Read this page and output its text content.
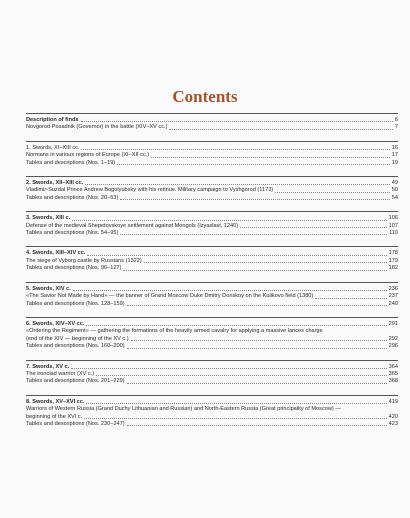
Contents
Description of finds	6
Novgorod Posadnik (Governor) in the battle (XIV–XV cc.)	7
1. Swords, XI–XIII cc.	16
Normans in various regions of Europe (XI–XII cc.)	17
Tables and descriptions (Nos. 1–19)	19
2. Swords, XII–XIII cc.	49
Vladimir-Suzdal Prince Andrew Bogolyubsky with his retinue. Military campaign to Vyshgorod (1173)	50
Tables and descriptions (Nos. 20–53)	54
3. Swords, XIII c.	106
Defense of the medieval Shepetovskoye settlement against Mongols (Izyaslavl, 1240)	107
Tables and descriptions (Nos. 54–95)	110
4. Swords, XIII–XIV cc.	178
The siege of Vyborg castle by Russians (1322)	179
Tables and descriptions (Nos. 96–127)	182
5. Swords, XIV c.	236
«The Savior Not Made by Hand» — the banner of Grand Moscow Duke Dmitry Donskoy on the Kulikovo field (1380)	237
Tables and descriptions (Nos. 128–159)	240
6. Swords, XIV–XV cc.	291
«Ordering the Regiment» — gathering the formations of the heavily armed cavalry for applying a massive lances charge
(end of the XIV — beginning of the XV c.)	292
Tables and descriptions (Nos. 160–200)	296
7. Swords, XV c.	364
The ironclad warrior (XV c.)	365
Tables and descriptions (Nos. 201–229)	368
8. Swords, XV–XVI cc.	419
Warriors of Western Russia (Grand Duchy Lithuanian and Russian) and North-Eastern Russia (Great principality of Moscow) —
beginning of the XVI c.	420
Tables and descriptions (Nos. 230–247)	423
